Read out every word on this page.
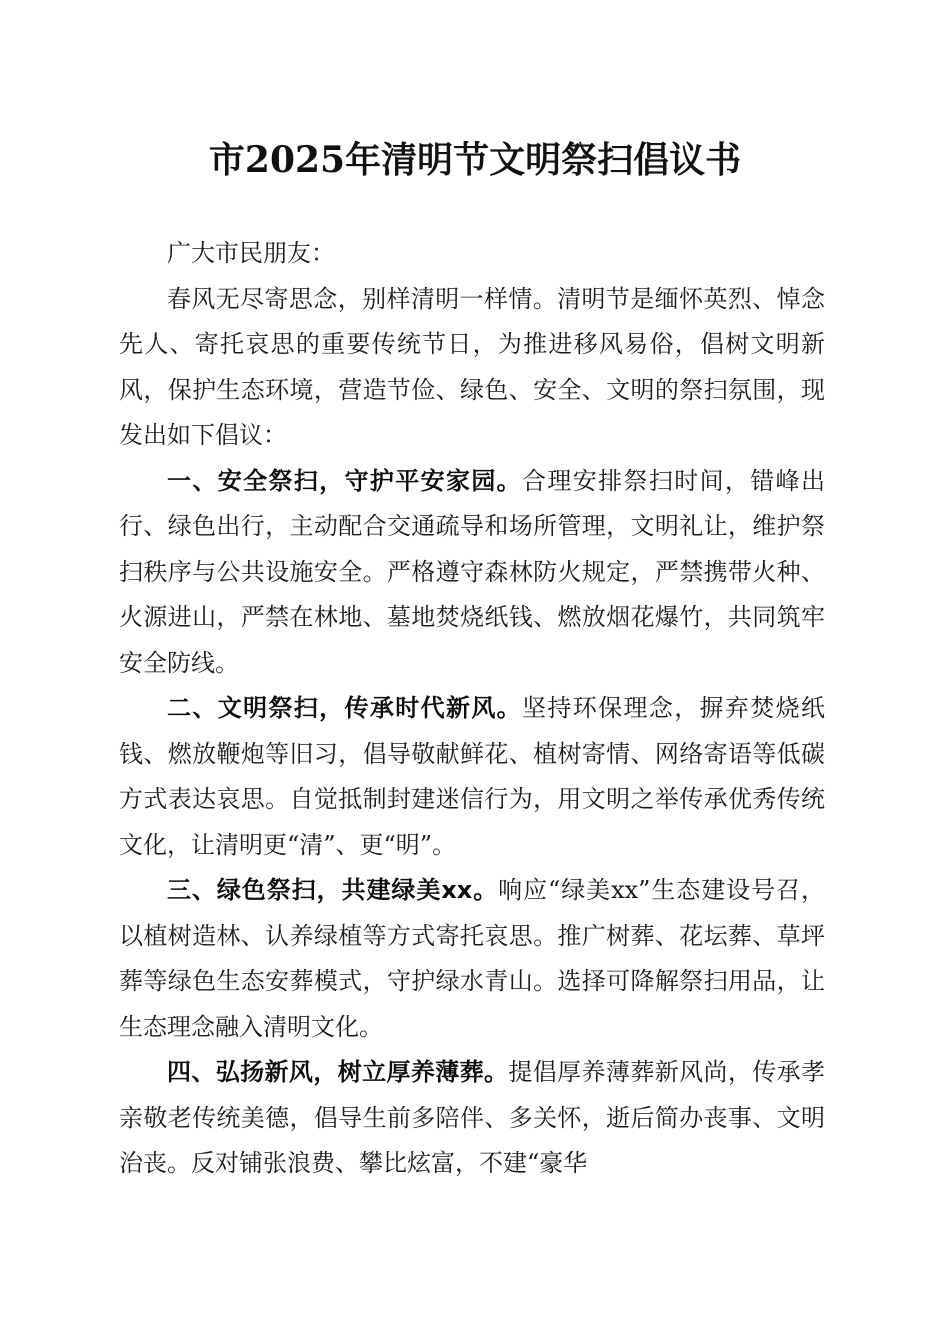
市2025年清明节文明祭扫倡议书

广大市民朋友：

春风无尽寄思念，别样清明一样情。清明节是缅怀英烈、悼念先人、寄托哀思的重要传统节日，为推进移风易俗，倡树文明新风，保护生态环境，营造节俭、绿色、安全、文明的祭扫氛围，现发出如下倡议：

一、安全祭扫，守护平安家园。合理安排祭扫时间，错峰出行、绿色出行，主动配合交通疏导和场所管理，文明礼让，维护祭扫秩序与公共设施安全。严格遵守森林防火规定，严禁携带火种、火源进山，严禁在林地、墓地焚烧纸钱、燃放烟花爆竹，共同筑牢安全防线。

二、文明祭扫，传承时代新风。坚持环保理念，摒弃焚烧纸钱、燃放鞭炮等旧习，倡导敬献鲜花、植树寄情、网络寄语等低碳方式表达哀思。自觉抵制封建迷信行为，用文明之举传承优秀传统文化，让清明更“清”、更“明”。

三、绿色祭扫，共建绿美xx。响应“绿美xx”生态建设号召，以植树造林、认养绿植等方式寄托哀思。推广树葬、花坛葬、草坪葬等绿色生态安葬模式，守护绿水青山。选择可降解祭扫用品，让生态理念融入清明文化。

四、弘扬新风，树立厚养薄葬。提倡厚养薄葬新风尚，传承孝亲敬老传统美德，倡导生前多陪伴、多关怀，逝后简办丧事、文明治丧。反对铺张浪费、攀比炫富，不建“豪华
